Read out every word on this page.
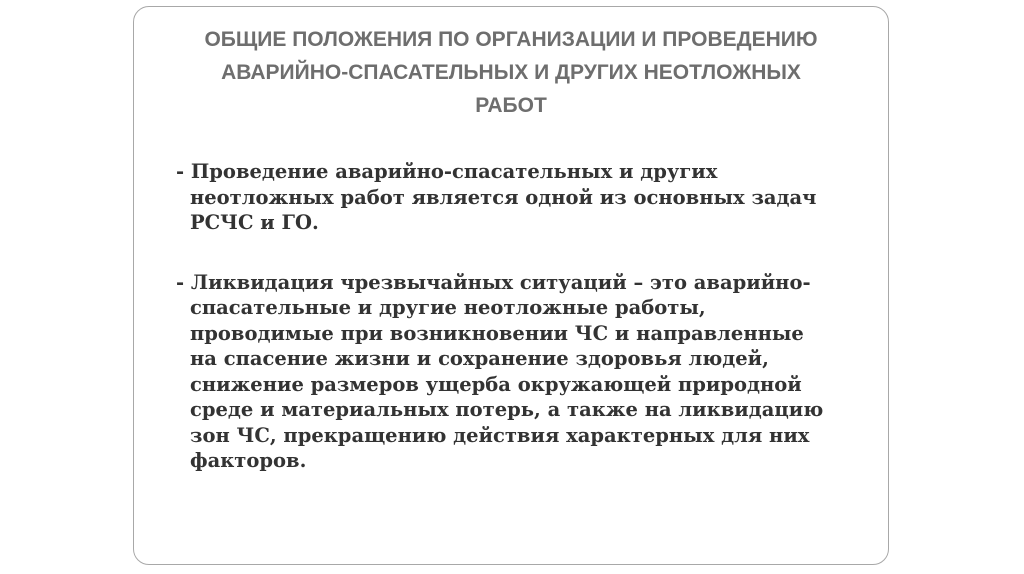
ОБЩИЕ ПОЛОЖЕНИЯ ПО ОРГАНИЗАЦИИ И ПРОВЕДЕНИЮ
АВАРИЙНО-СПАСАТЕЛЬНЫХ И ДРУГИХ НЕОТЛОЖНЫХ
РАБОТ
- Проведение аварийно-спасательных и других
неотложных работ является одной из основных задач
РСЧС и ГО.
- Ликвидация чрезвычайных ситуаций – это аварийно-
спасательные и другие неотложные работы,
проводимые при возникновении ЧС и направленные
на спасение жизни и сохранение здоровья людей,
снижение размеров ущерба окружающей природной
среде и материальных потерь, а также на ликвидацию
зон ЧС, прекращению действия характерных для них
факторов.
